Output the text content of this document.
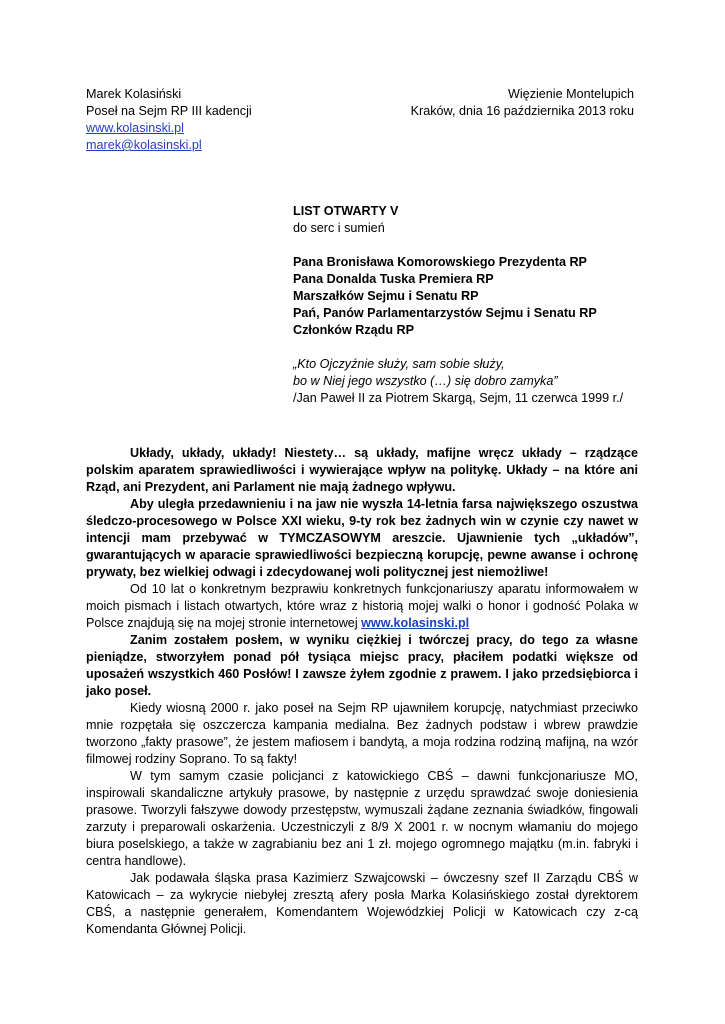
Marek Kolasiński
Poseł na Sejm RP III kadencji
www.kolasinski.pl
marek@kolasinski.pl
Więzienie Montelupich
Kraków, dnia 16 października 2013 roku
LIST OTWARTY V
do serc i sumień
Pana Bronisława Komorowskiego Prezydenta RP
Pana Donalda Tuska Premiera RP
Marszałków Sejmu i Senatu RP
Pań, Panów Parlamentarzystów Sejmu i Senatu RP
Członków Rządu RP
„Kto Ojczyźnie służy, sam sobie służy,
bo w Niej jego wszystko (…) się dobro zamyka”
/Jan Paweł II za Piotrem Skargą, Sejm, 11 czerwca 1999 r./

Układy, układy, układy! Niestety… są układy, mafijne wręcz układy – rządzące polskim aparatem sprawiedliwości i wywierające wpływ na politykę. Układy – na które ani Rząd, ani Prezydent, ani Parlament nie mają żadnego wpływu.

Aby uległa przedawnieniu i na jaw nie wyszła 14-letnia farsa największego oszustwa śledczo-procesowego w Polsce XXI wieku, 9-ty rok bez żadnych win w czynie czy nawet w intencji mam przebywać w TYMCZASOWYM areszcie. Ujawnienie tych „układów”, gwarantujących w aparacie sprawiedliwości bezpieczną korupcję, pewne awanse i ochronę prywaty, bez wielkiej odwagi i zdecydowanej woli politycznej jest niemożliwe!

Od 10 lat o konkretnym bezprawiu konkretnych funkcjonariuszy aparatu informowałem w moich pismach i listach otwartych, które wraz z historią mojej walki o honor i godność Polaka w Polsce znajdują się na mojej stronie internetowej www.kolasinski.pl

Zanim zostałem posłem, w wyniku ciężkiej i twórczej pracy, do tego za własne pieniądze, stworzyłem ponad pół tysiąca miejsc pracy, płaciłem podatki większe od uposażeń wszystkich 460 Posłów! I zawsze żyłem zgodnie z prawem. I jako przedsiębiorca i jako poseł.

Kiedy wiosną 2000 r. jako poseł na Sejm RP ujawniłem korupcję, natychmiast przeciwko mnie rozpętała się oszczercza kampania medialna. Bez żadnych podstaw i wbrew prawdzie tworzono „fakty prasowe”, że jestem mafiosem i bandytą, a moja rodzina rodziną mafijną, na wzór filmowej rodziny Soprano. To są fakty!

W tym samym czasie policjanci z katowickiego CBŚ – dawni funkcjonariusze MO, inspirowali skandaliczne artykuły prasowe, by następnie z urzędu sprawdzać swoje doniesienia prasowe. Tworzyli fałszywe dowody przestępstw, wymuszali żądane zeznania świadków, fingowali zarzuty i preparowali oskarżenia. Uczestniczyli z 8/9 X 2001 r. w nocnym włamaniu do mojego biura poselskiego, a także w zagrabianiu bez ani 1 zł. mojego ogromnego majątku (m.in. fabryki i centra handlowe).

Jak podawała śląska prasa Kazimierz Szwajcowski – ówczesny szef II Zarządu CBŚ w Katowicach – za wykrycie niebyłej zresztą afery posła Marka Kolasińskiego został dyrektorem CBŚ, a następnie generałem, Komendantem Wojewódzkiej Policji w Katowicach czy z-cą Komendanta Głównej Policji.
